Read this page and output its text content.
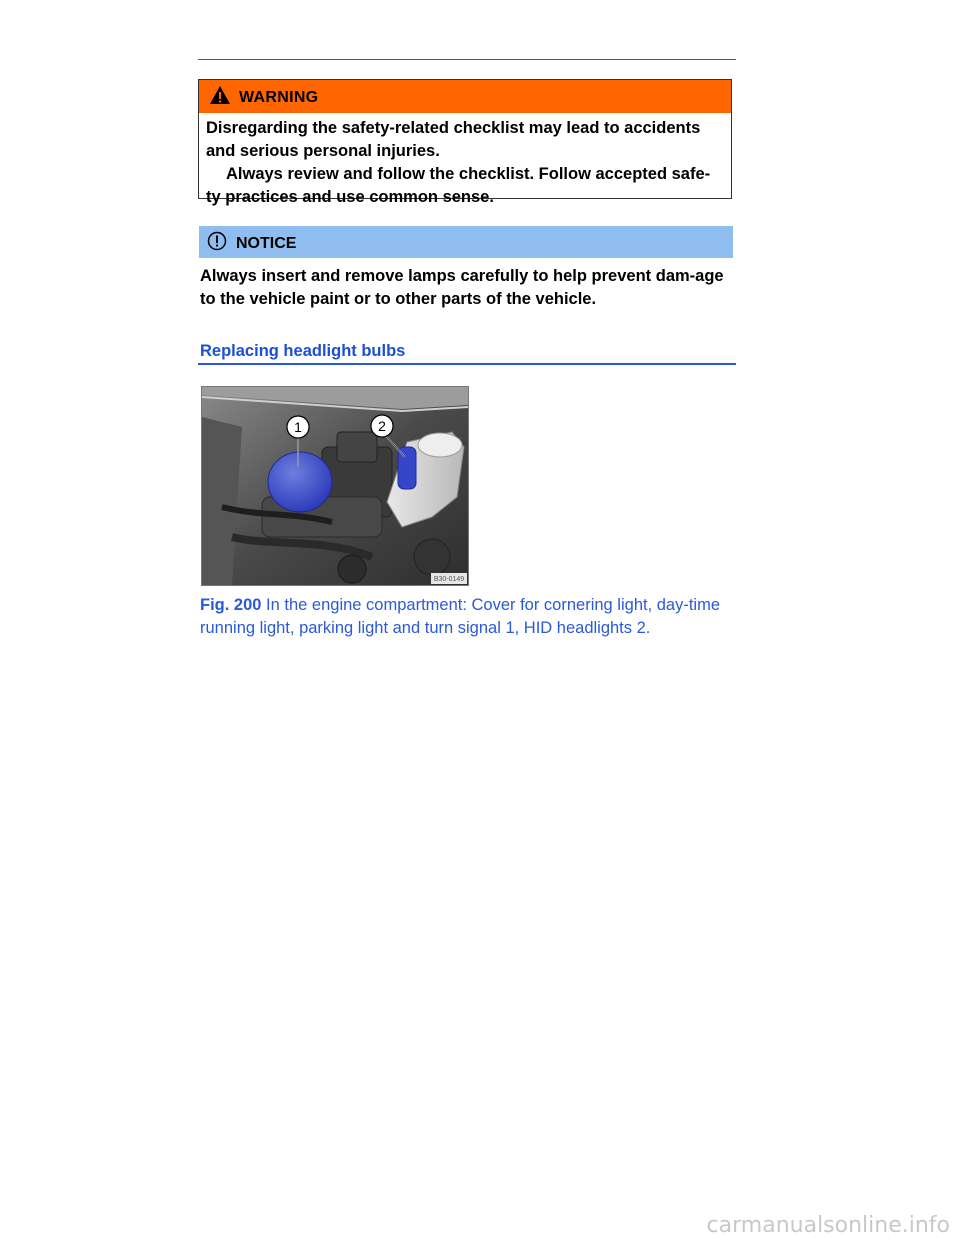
WARNING

Disregarding the safety-related checklist may lead to accidents and serious personal injuries.

Always review and follow the checklist. Follow accepted safe-ty practices and use common sense.

NOTICE

Always insert and remove lamps carefully to help prevent dam-age to the vehicle paint or to other parts of the vehicle.

Replacing headlight bulbs
1	2
B30-0149

Fig. 200 In the engine compartment: Cover for cornering light, day-time running light, parking light and turn signal 1, HID headlights 2.

carmanualsonline.info
